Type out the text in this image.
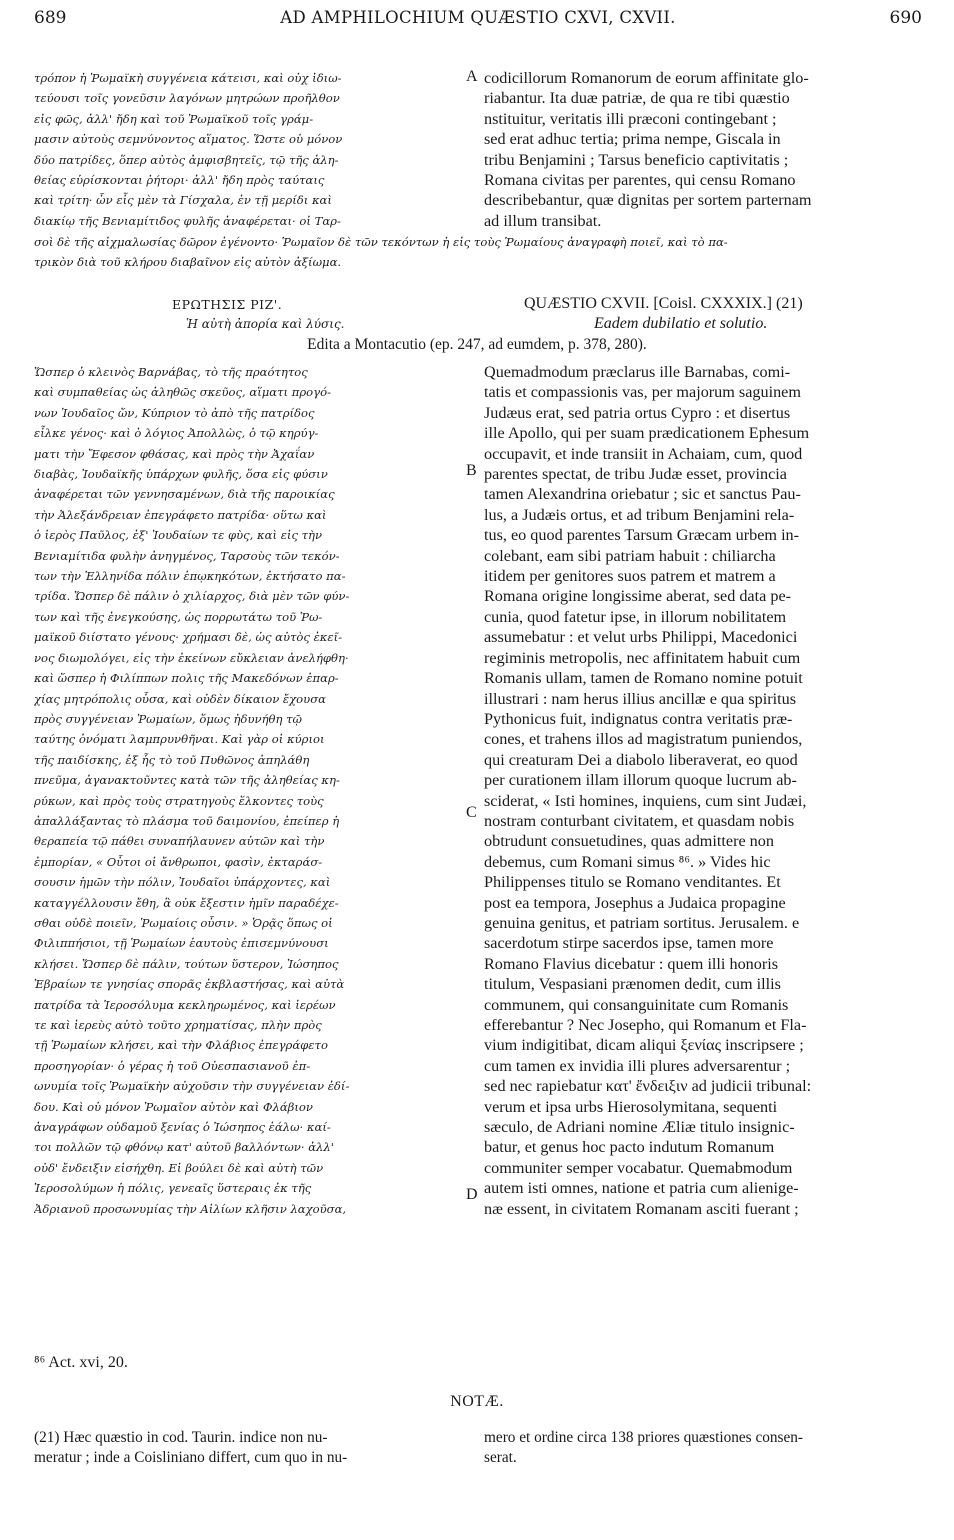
689	AD AMPHILOCHIUM QUÆSTIO CXVI, CXVII.	690
τρόπον ἡ Ῥωμαϊκὴ συγγένεια κάτεισι, καὶ οὐχ ἰδιω-
τεύουσι τοῖς γονεῦσιν λαγόνων μητρώων προῆλθον
εἰς φῶς, ἀλλ' ἤδη καὶ τοῦ Ῥωμαϊκοῦ τοῖς γράμ-
μασιν αὐτοὺς σεμνύνοντος αἵματος. Ὥστε οὐ μόνον
δύο πατρίδες, ὅπερ αὐτὸς ἀμφισβητεῖς, τῷ τῆς ἀλη-
θείας εὑρίσκονται ῥήτορι· ἀλλ' ἤδη πρὸς ταύταις
καὶ τρίτη· ὧν εἷς μὲν τὰ Γίσχαλα, ἐν τῇ μερίδι καὶ
διακίῳ τῆς Βενιαμίτιδος φυλῆς ἀναφέρεται· οἱ Ταρ-
codicillorum Romanorum de eorum affinitate glo-
riabantur. Ita duæ patriæ, de qua re tibi quæstio
nstituitur, veritatis illi præconi contingebant ;
sed erat adhuc tertia; prima nempe, Giscala in
tribu Benjamini ; Tarsus beneficio captivitatis ;
Romana civitas per parentes, qui censu Romano
describebantur, quæ dignitas per sortem parternam
ad illum transibat.
A
σοὶ δὲ τῆς αἰχμαλωσίας δῶρον ἐγένοντο· Ῥωμαῖον δὲ τῶν τεκόντων ἡ εἰς τοὺς Ῥωμαίους ἀναγραφὴ ποιεῖ, καὶ τὸ πα-
τρικὸν διὰ τοῦ κλήρου διαβαῖνον εἰς αὐτὸν ἀξίωμα.
ΕΡΩΤΗΣΙΣ ΡΙΖ'.
Ἡ αὐτὴ ἀπορία καὶ λύσις.
QUÆSTIO CXVII. [Coisl. CXXXIX.] (21)
Eadem dubilatio et solutio.
Edita a Montacutio (ep. 247, ad eumdem, p. 378, 280).
Ὥσπερ ὁ κλεινὸς Βαρνάβας, τὸ τῆς πραότητος
καὶ συμπαθείας ὡς ἀληθῶς σκεῦος, αἵματι προγό-
νων Ἰουδαῖος ὤν, Κύπριον τὸ ἀπὸ τῆς πατρίδος
εἶλκε γένος· καὶ ὁ λόγιος Ἀπολλὼς, ὁ τῷ κηρύγ-
ματι τὴν Ἔφεσον φθάσας, καὶ πρὸς τὴν Ἀχαΐαν
διαβὰς, Ἰουδαϊκῆς ὑπάρχων φυλῆς, ὅσα εἰς φύσιν
ἀναφέρεται τῶν γεννησαμένων, διὰ τῆς παροικίας
τὴν Ἀλεξάνδρειαν ἐπεγράφετο πατρίδα· οὕτω καὶ
ὁ ἱερὸς Παῦλος, ἐξ' Ἰουδαίων τε φὺς, καὶ εἰς τὴν
Βενιαμίτιδα φυλὴν ἀνηγμένος, Ταρσοὺς τῶν τεκόν-
των τὴν Ἑλληνίδα πόλιν ἐπῳκηκότων, ἐκτήσατο πα-
τρίδα. Ὥσπερ δὲ πάλιν ὁ χιλίαρχος, διὰ μὲν τῶν φύν-
των καὶ τῆς ἐνεγκούσης, ὡς πορρωτάτω τοῦ Ῥω-
μαϊκοῦ διίστατο γένους· χρήμασι δὲ, ὡς αὐτὸς ἐκεῖ-
νος διωμολόγει, εἰς τὴν ἐκείνων εὔκλειαν ἀνελήφθη·
καὶ ὥσπερ ἡ Φιλίππων πολις τῆς Μακεδόνων ἐπαρ-
χίας μητρόπολις οὖσα, καὶ οὐδὲν δίκαιον ἔχουσα
πρὸς συγγένειαν Ῥωμαίων, ὅμως ἠδυνήθη τῷ
ταύτης ὀνόματι λαμπρυνθῆναι. Καὶ γὰρ οἱ κύριοι
τῆς παιδίσκης, ἐξ ἧς τὸ τοῦ Πυθῶνος ἀπηλάθη
πνεῦμα, ἀγανακτοῦντες κατὰ τῶν τῆς ἀληθείας κη-
ρύκων, καὶ πρὸς τοὺς στρατηγοὺς ἕλκοντες τοὺς
ἀπαλλάξαντας τὸ πλάσμα τοῦ δαιμονίου, ἐπείπερ ἡ
θεραπεία τῷ πάθει συναπήλαυνεν αὐτῶν καὶ τὴν
ἐμπορίαν, « Οὗτοι οἱ ἄνθρωποι, φασὶν, ἐκταράσ-
σουσιν ἡμῶν τὴν πόλιν, Ἰουδαῖοι ὑπάρχοντες, καὶ
καταγγέλλουσιν ἔθη, ἃ οὐκ ἔξεστιν ἡμῖν παραδέχε-
σθαι οὐδὲ ποιεῖν, Ῥωμαίοις οὖσιν. » Ὁρᾷς ὅπως οἱ
Φιλιππήσιοι, τῇ Ῥωμαίων ἑαυτοὺς ἐπισεμνύνουσι
κλήσει. Ὥσπερ δὲ πάλιν, τούτων ὕστερον, Ἰώσηπος
Ἑβραίων τε γνησίας σπορᾶς ἐκβλαστήσας, καὶ αὐτὰ
πατρίδα τὰ Ἱεροσόλυμα κεκληρωμένος, καὶ ἱερέων
τε καὶ ἱερεὺς αὐτὸ τοῦτο χρηματίσας, πλὴν πρὸς
τῇ Ῥωμαίων κλήσει, καὶ τὴν Φλάβιος ἐπεγράφετο
προσηγορίαν· ὁ γέρας ἡ τοῦ Οὐεσπασιανοῦ ἐπ-
ωνυμία τοῖς Ῥωμαϊκὴν αὐχοῦσιν τὴν συγγένειαν ἐδί-
δου. Καὶ οὐ μόνον Ῥωμαῖον αὐτὸν καὶ Φλάβιον
ἀναγράφων οὐδαμοῦ ξενίας ὁ Ἰώσηπος ἑάλω· καί-
τοι πολλῶν τῷ φθόνῳ κατ' αὐτοῦ βαλλόντων· ἀλλ'
οὐδ' ἔνδειξιν εἰσήχθη. Εἰ βούλει δὲ καὶ αὐτὴ τῶν
Ἱεροσολύμων ἡ πόλις, γενεαῖς ὕστεραις ἐκ τῆς
Ἀδριανοῦ προσωνυμίας τὴν Αἰλίων κλῆσιν λαχοῦσα,
Quemadmodum præclarus ille Barnabas, comi-
tatis et compassionis vas, per majorum saguinem
Judæus erat, sed patria ortus Cypro : et disertus
ille Apollo, qui per suam prædicationem Ephesum
occupavit, et inde transiit in Achaiam, cum, quod
parentes spectat, de tribu Judæ esset, provincia
tamen Alexandrina oriebatur ; sic et sanctus Pau-
lus, a Judæis ortus, et ad tribum Benjamini rela-
tus, eo quod parentes Tarsum Græcam urbem in-
colebant, eam sibi patriam habuit : chiliarcha
itidem per genitores suos patrem et matrem a
Romana origine longissime aberat, sed data pe-
cunia, quod fatetur ipse, in illorum nobilitatem
assumebatur : et velut urbs Philippi, Macedonici
regiminis metropolis, nec affinitatem habuit cum
Romanis ullam, tamen de Romano nomine potuit
illustrari : nam herus illius ancillæ e qua spiritus
Pythonicus fuit, indignatus contra veritatis præ-
cones, et trahens illos ad magistratum puniendos,
qui creaturam Dei a diabolo liberaverat, eo quod
per curationem illam illorum quoque lucrum ab-
sciderat, « Isti homines, inquiens, cum sint Judæi,
nostram conturbant civitatem, et quasdam nobis
obtrudunt consuetudines, quas admittere non
debemus, cum Romani simus ⁸⁶. » Vides hic
Philippenses titulo se Romano venditantes. Et
post ea tempora, Josephus a Judaica propagine
genuina genitus, et patriam sortitus. Jerusalem. e
sacerdotum stirpe sacerdos ipse, tamen more
Romano Flavius dicebatur : quem illi honoris
titulum, Vespasiani prænomen dedit, cum illis
communem, qui consanguinitate cum Romanis
efferebantur ? Nec Josepho, qui Romanum et Fla-
vium indigitibat, dicam aliqui ξενίας inscripsere ;
cum tamen ex invidia illi plures adversarentur ;
sed nec rapiebatur κατ' ἔνδειξιν ad judicii tribunal:
verum et ipsa urbs Hierosolymitana, sequenti
sæculo, de Adriani nomine Æliæ titulo insignic-
batur, et genus hoc pacto indutum Romanum
communiter semper vocabatur. Quemabmodum
autem isti omnes, natione et patria cum alienige-
næ essent, in civitatem Romanam asciti fuerant ;
B
C
D
⁸⁶ Act. xvi, 20.
NOTÆ.
(21) Hæc quæstio in cod. Taurin. indice non nu-
meratur ; inde a Coisliniano differt, cum quo in nu-
mero et ordine circa 138 priores quæstiones consen-
serat.
